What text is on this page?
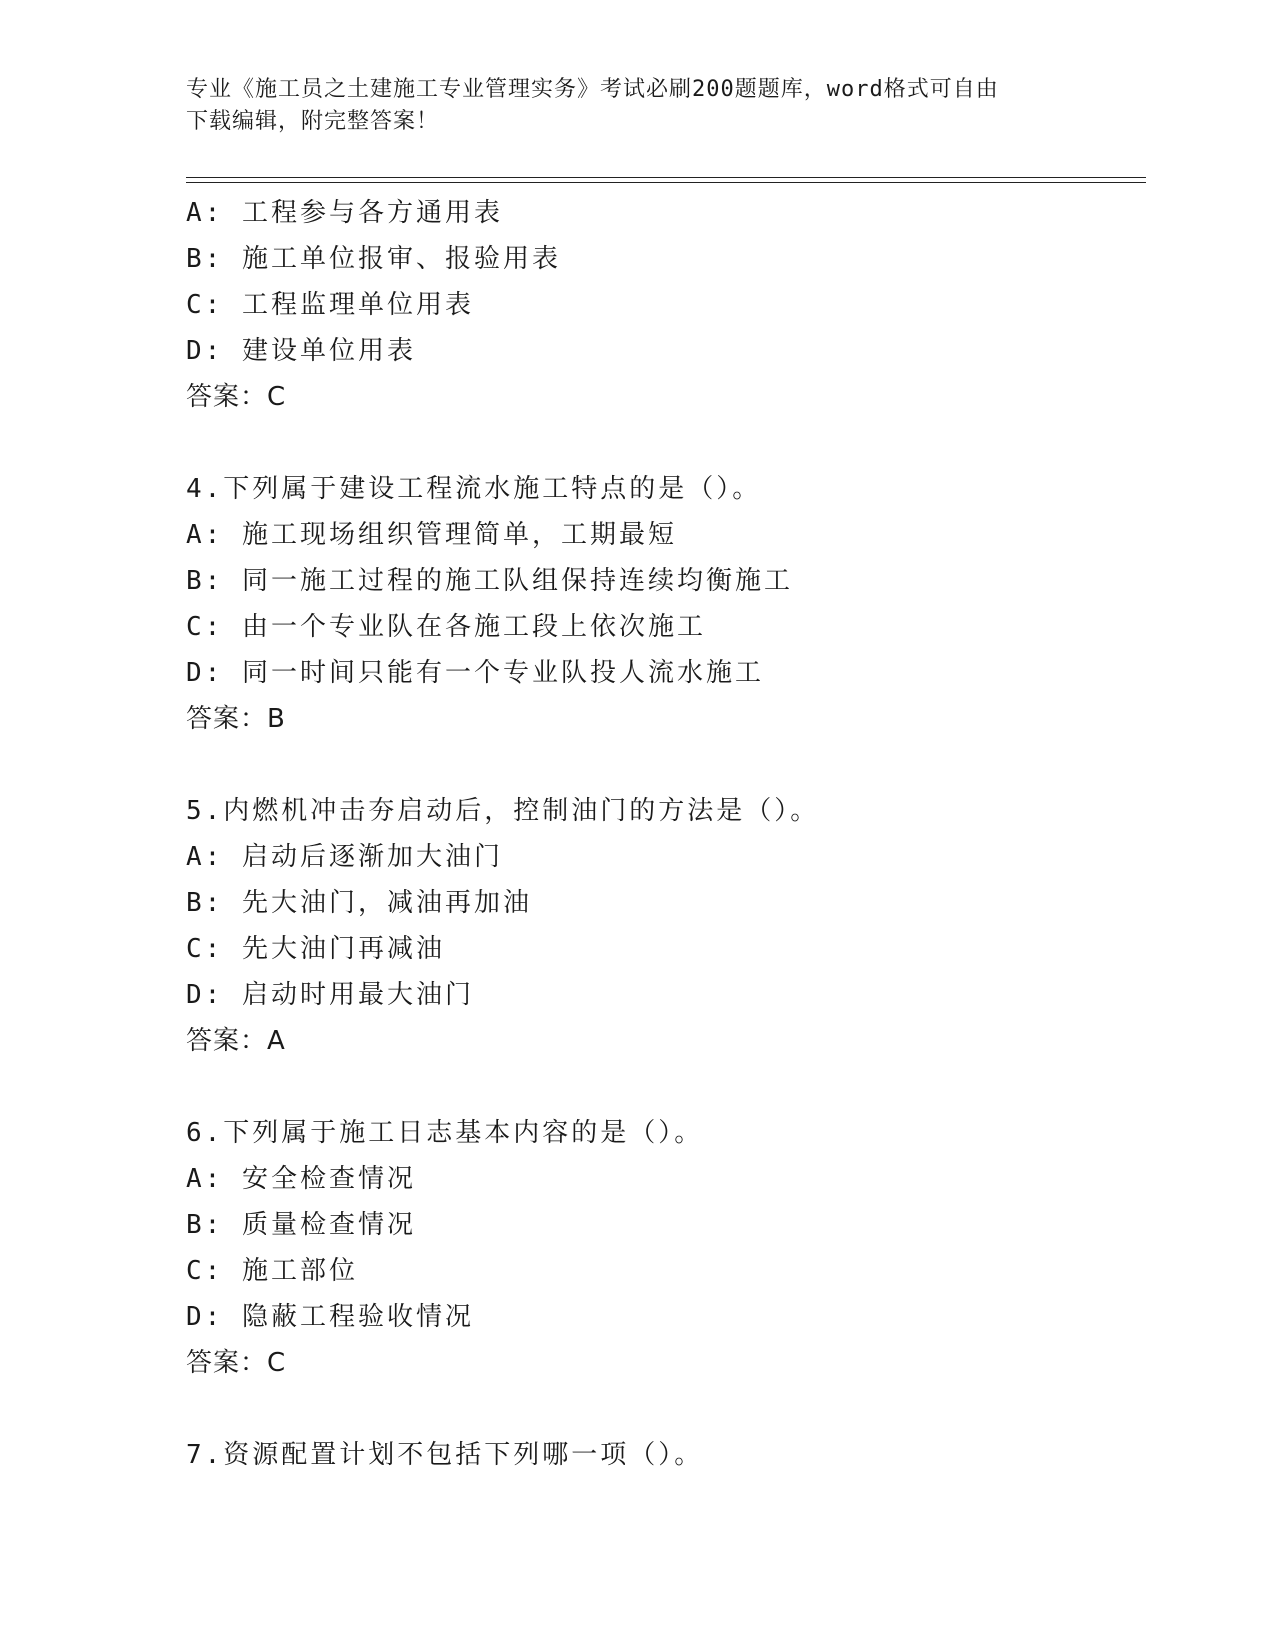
专业《施工员之土建施工专业管理实务》考试必刷200题题库，word格式可自由
下载编辑，附完整答案！
A: 工程参与各方通用表
B: 施工单位报审、报验用表
C: 工程监理单位用表
D: 建设单位用表
答案：C
4.下列属于建设工程流水施工特点的是（）。
A: 施工现场组织管理简单，工期最短
B: 同一施工过程的施工队组保持连续均衡施工
C: 由一个专业队在各施工段上依次施工
D: 同一时间只能有一个专业队投人流水施工
答案：B
5.内燃机冲击夯启动后，控制油门的方法是（）。
A: 启动后逐渐加大油门
B: 先大油门，减油再加油
C: 先大油门再减油
D: 启动时用最大油门
答案：A
6.下列属于施工日志基本内容的是（）。
A: 安全检查情况
B: 质量检查情况
C: 施工部位
D: 隐蔽工程验收情况
答案：C
7.资源配置计划不包括下列哪一项（）。
